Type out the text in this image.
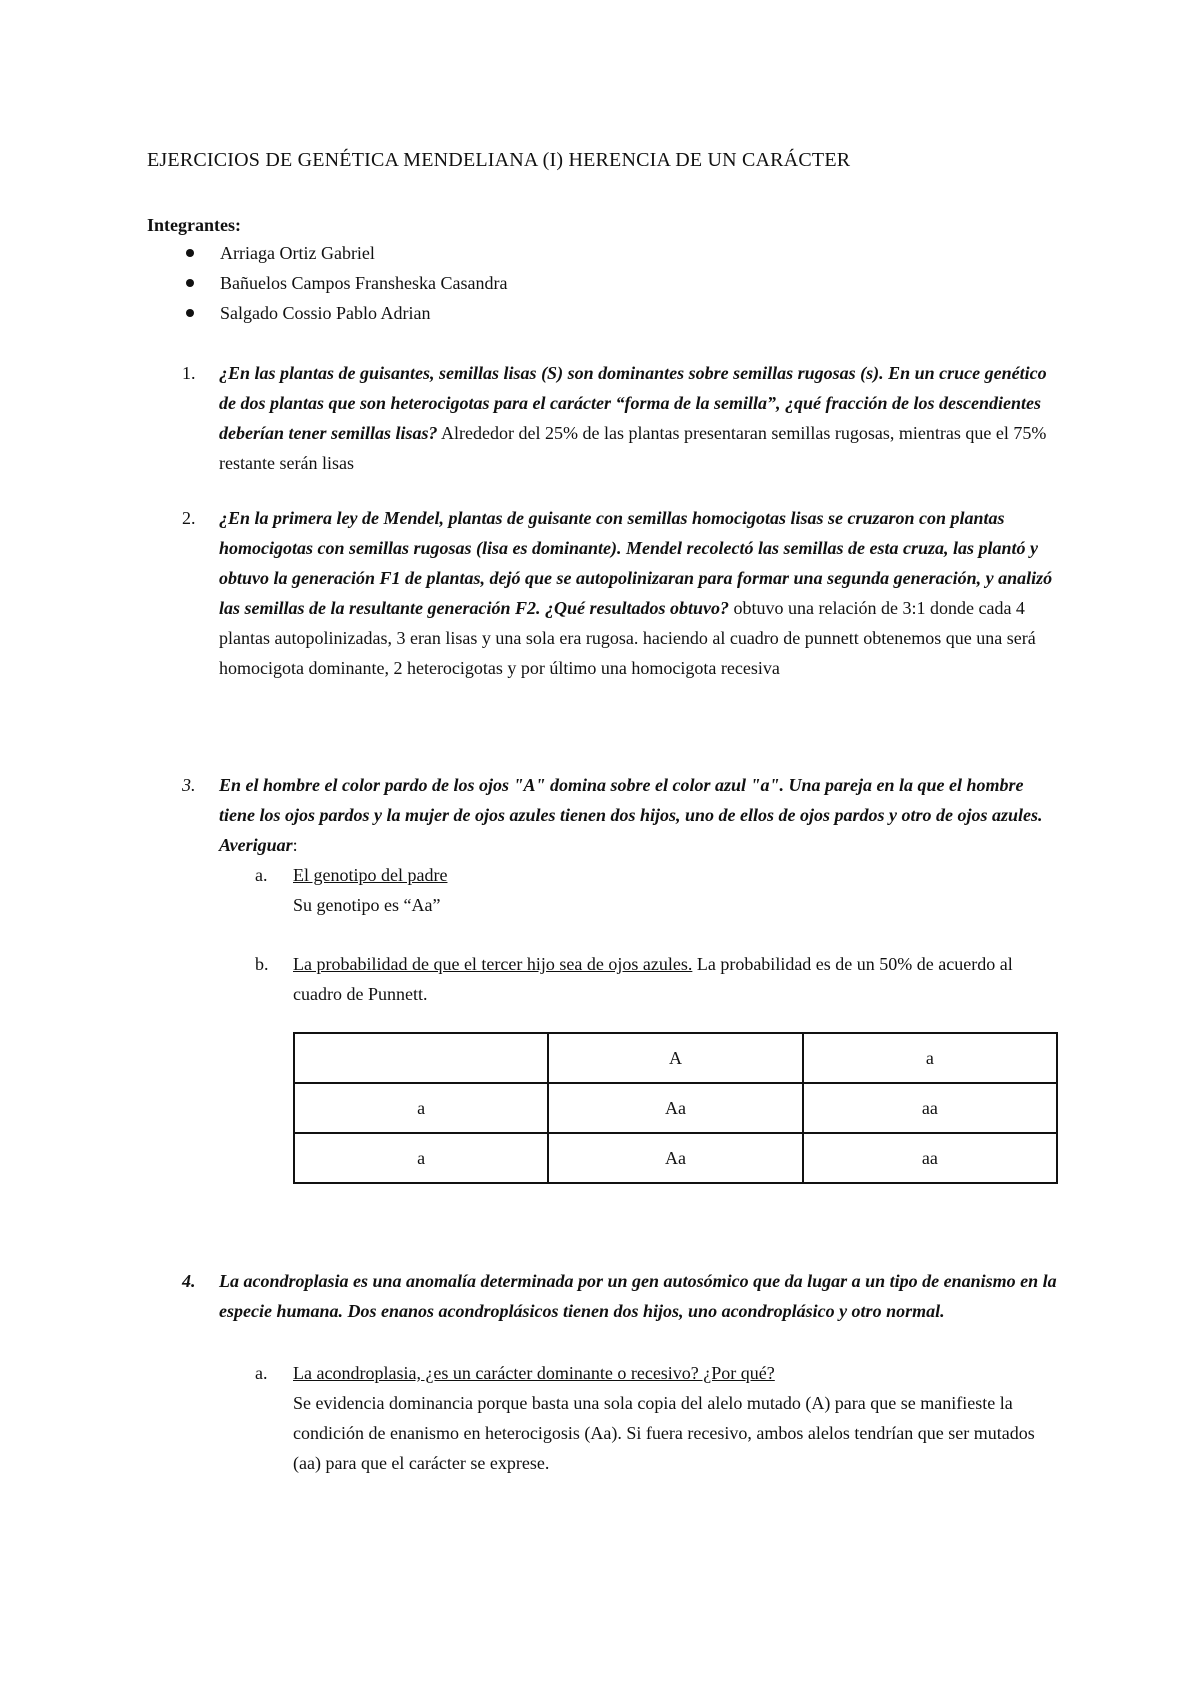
EJERCICIOS DE GENÉTICA MENDELIANA (I) HERENCIA DE UN CARÁCTER
Integrantes:
Arriaga Ortiz Gabriel
Bañuelos Campos Fransheska Casandra
Salgado Cossio Pablo Adrian
1. ¿En las plantas de guisantes, semillas lisas (S) son dominantes sobre semillas rugosas (s). En un cruce genético de dos plantas que son heterocigotas para el carácter “forma de la semilla”, ¿qué fracción de los descendientes deberían tener semillas lisas? Alrededor del 25% de las plantas presentaran semillas rugosas, mientras que el 75% restante serán lisas
2. ¿En la primera ley de Mendel, plantas de guisante con semillas homocigotas lisas se cruzaron con plantas homocigotas con semillas rugosas (lisa es dominante). Mendel recolectó las semillas de esta cruza, las plantó y obtuvo la generación F1 de plantas, dejó que se autopolinizaran para formar una segunda generación, y analizó las semillas de la resultante generación F2. ¿Qué resultados obtuvo? obtuvo una relación de 3:1 donde cada 4 plantas autopolinizadas, 3 eran lisas y una sola era rugosa. haciendo al cuadro de punnett obtenemos que una será homocigota dominante, 2 heterocigotas y por último una homocigota recesiva
3. En el hombre el color pardo de los ojos "A" domina sobre el color azul "a". Una pareja en la que el hombre tiene los ojos pardos y la mujer de ojos azules tienen dos hijos, uno de ellos de ojos pardos y otro de ojos azules. Averiguar:
a. El genotipo del padre
Su genotipo es “Aa”
b. La probabilidad de que el tercer hijo sea de ojos azules. La probabilidad es de un 50% de acuerdo al cuadro de Punnett.
	A	a
a	Aa	aa
a	Aa	aa
4. La acondroplasia es una anomalía determinada por un gen autosómico que da lugar a un tipo de enanismo en la especie humana. Dos enanos acondroplásicos tienen dos hijos, uno acondroplásico y otro normal.
a. La acondroplasia, ¿es un carácter dominante o recesivo? ¿Por qué?
Se evidencia dominancia porque basta una sola copia del alelo mutado (A) para que se manifieste la condición de enanismo en heterocigosis (Aa). Si fuera recesivo, ambos alelos tendrían que ser mutados (aa) para que el carácter se exprese.
